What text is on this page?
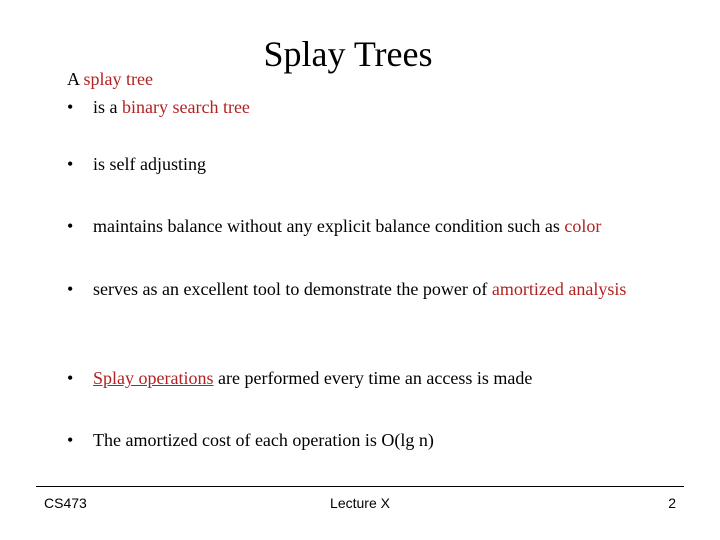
Splay Trees
A splay tree
•	is a binary search tree
•	is self adjusting
•	maintains balance without any explicit balance condition such as color
•	serves as an excellent tool to demonstrate the power of amortized analysis
•	Splay operations are performed every time an access is made
•	The amortized cost of each operation is O(lg n)
CS473	Lecture X	2
